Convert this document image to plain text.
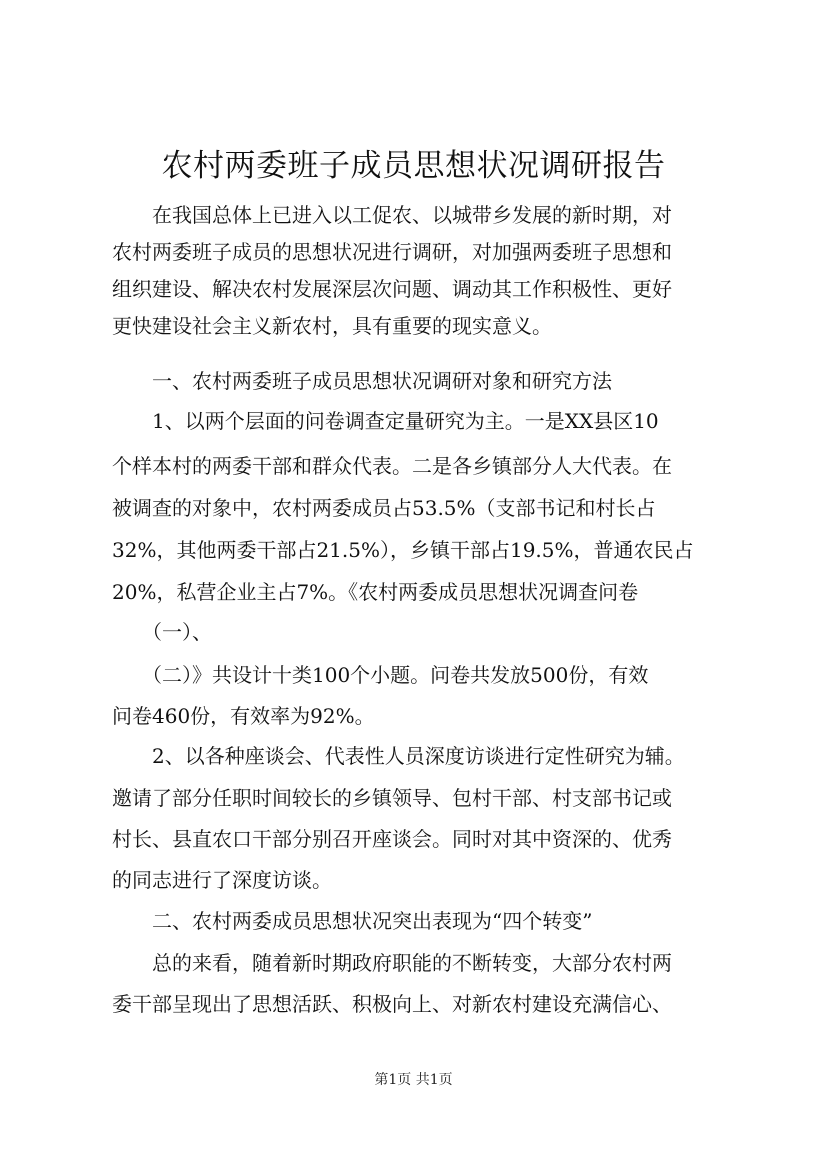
农村两委班子成员思想状况调研报告
　　在我国总体上已进入以工促农、以城带乡发展的新时期，对
农村两委班子成员的思想状况进行调研，对加强两委班子思想和
组织建设、解决农村发展深层次问题、调动其工作积极性、更好
更快建设社会主义新农村，具有重要的现实意义。
　　一、农村两委班子成员思想状况调研对象和研究方法
　　1、以两个层面的问卷调查定量研究为主。一是XX县区10
个样本村的两委干部和群众代表。二是各乡镇部分人大代表。在
被调查的对象中，农村两委成员占53.5%（支部书记和村长占
32%，其他两委干部占21.5%），乡镇干部占19.5%，普通农民占
20%，私营企业主占7%。《农村两委成员思想状况调查问卷
　　（一）、
　　（二）》共设计十类100个小题。问卷共发放500份，有效
问卷460份，有效率为92%。
　　2、以各种座谈会、代表性人员深度访谈进行定性研究为辅。
邀请了部分任职时间较长的乡镇领导、包村干部、村支部书记或
村长、县直农口干部分别召开座谈会。同时对其中资深的、优秀
的同志进行了深度访谈。
　　二、农村两委成员思想状况突出表现为“四个转变”
　　总的来看，随着新时期政府职能的不断转变，大部分农村两
委干部呈现出了思想活跃、积极向上、对新农村建设充满信心、
第1页 共1页
